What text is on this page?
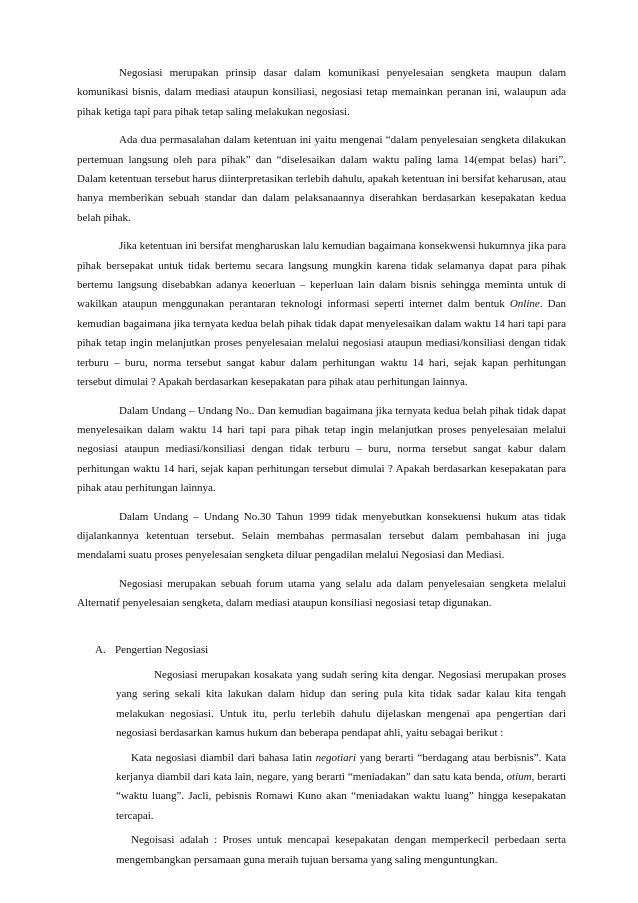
Negosiasi merupakan prinsip dasar dalam komunikasi penyelesaian sengketa maupun dalam komunikasi bisnis, dalam mediasi ataupun konsiliasi, negosiasi tetap memainkan peranan ini, walaupun ada pihak ketiga tapi para pihak tetap saling melakukan negosiasi.

Ada dua permasalahan dalam ketentuan ini yaitu mengenai “dalam penyelesaian sengketa dilakukan pertemuan langsung oleh para pihak” dan “diselesaikan dalam waktu paling lama 14(empat belas) hari”. Dalam ketentuan tersebut harus diinterpretasikan terlebih dahulu, apakah ketentuan ini bersifat keharusan, atau hanya memberikan sebuah standar dan dalam pelaksanaannya diserahkan berdasarkan kesepakatan kedua belah pihak.

Jika ketentuan ini bersifat mengharuskan lalu kemudian bagaimana konsekwensi hukumnya jika para pihak bersepakat untuk tidak bertemu secara langsung mungkin karena tidak selamanya dapat para pihak bertemu langsung disebabkan adanya keoerluan – keperluan lain dalam bisnis sehingga meminta untuk di wakilkan ataupun menggunakan perantaran teknologi informasi seperti internet dalm bentuk Online. Dan kemudian bagaimana jika ternyata kedua belah pihak tidak dapat menyelesaikan dalam waktu 14 hari tapi para pihak tetap ingin melanjutkan proses penyelesaian melalui negosiasi ataupun mediasi/konsiliasi dengan tidak terburu – buru, norma tersebut sangat kabur dalam perhitungan waktu 14 hari, sejak kapan perhitungan tersebut dimulai ? Apakah berdasarkan kesepakatan para pihak atau perhitungan lainnya.

Dalam Undang – Undang No.. Dan kemudian bagaimana jika ternyata kedua belah pihak tidak dapat menyelesaikan dalam waktu 14 hari tapi para pihak tetap ingin melanjutkan proses penyelesaian melalui negosiasi ataupun mediasi/konsiliasi dengan tidak terburu – buru, norma tersebut sangat kabur dalam perhitungan waktu 14 hari, sejak kapan perhitungan tersebut dimulai ? Apakah berdasarkan kesepakatan para pihak atau perhitungan lainnya.

Dalam Undang – Undang No.30 Tahun 1999 tidak menyebutkan konsekuensi hukum atas tidak dijalankannya ketentuan tersebut. Selain membahas permasalan tersebut dalam pembahasan ini juga mendalami suatu proses penyelesaian sengketa diluar pengadilan melalui Negosiasi dan Mediasi.

Negosiasi merupakan sebuah forum utama yang selalu ada dalam penyelesaian sengketa melalui Alternatif penyelesaian sengketa, dalam mediasi ataupun konsiliasi negosiasi tetap digunakan.

A. Pengertian Negosiasi

Negosiasi merupakan kosakata yang sudah sering kita dengar. Negosiasi merupakan proses yang sering sekali kita lakukan dalam hidup dan sering pula kita tidak sadar kalau kita tengah melakukan negosiasi. Untuk itu, perlu terlebih dahulu dijelaskan mengenai apa pengertian dari negosiasi berdasarkan kamus hukum dan beberapa pendapat ahli, yaitu sebagai berikut :

Kata negosiasi diambil dari bahasa latin negotiari yang berarti “berdagang atau berbisnis”. Kata kerjanya diambil dari kata lain, negare, yang berarti “meniadakan” dan satu kata benda, otium, berarti “waktu luang”. Jacli, pebisnis Romawi Kuno akan “meniadakan waktu luang” hingga kesepakatan tercapai.

Negoisasi adalah : Proses untuk mencapai kesepakatan dengan memperkecil perbedaan serta mengembangkan persamaan guna meraih tujuan bersama yang saling menguntungkan.
